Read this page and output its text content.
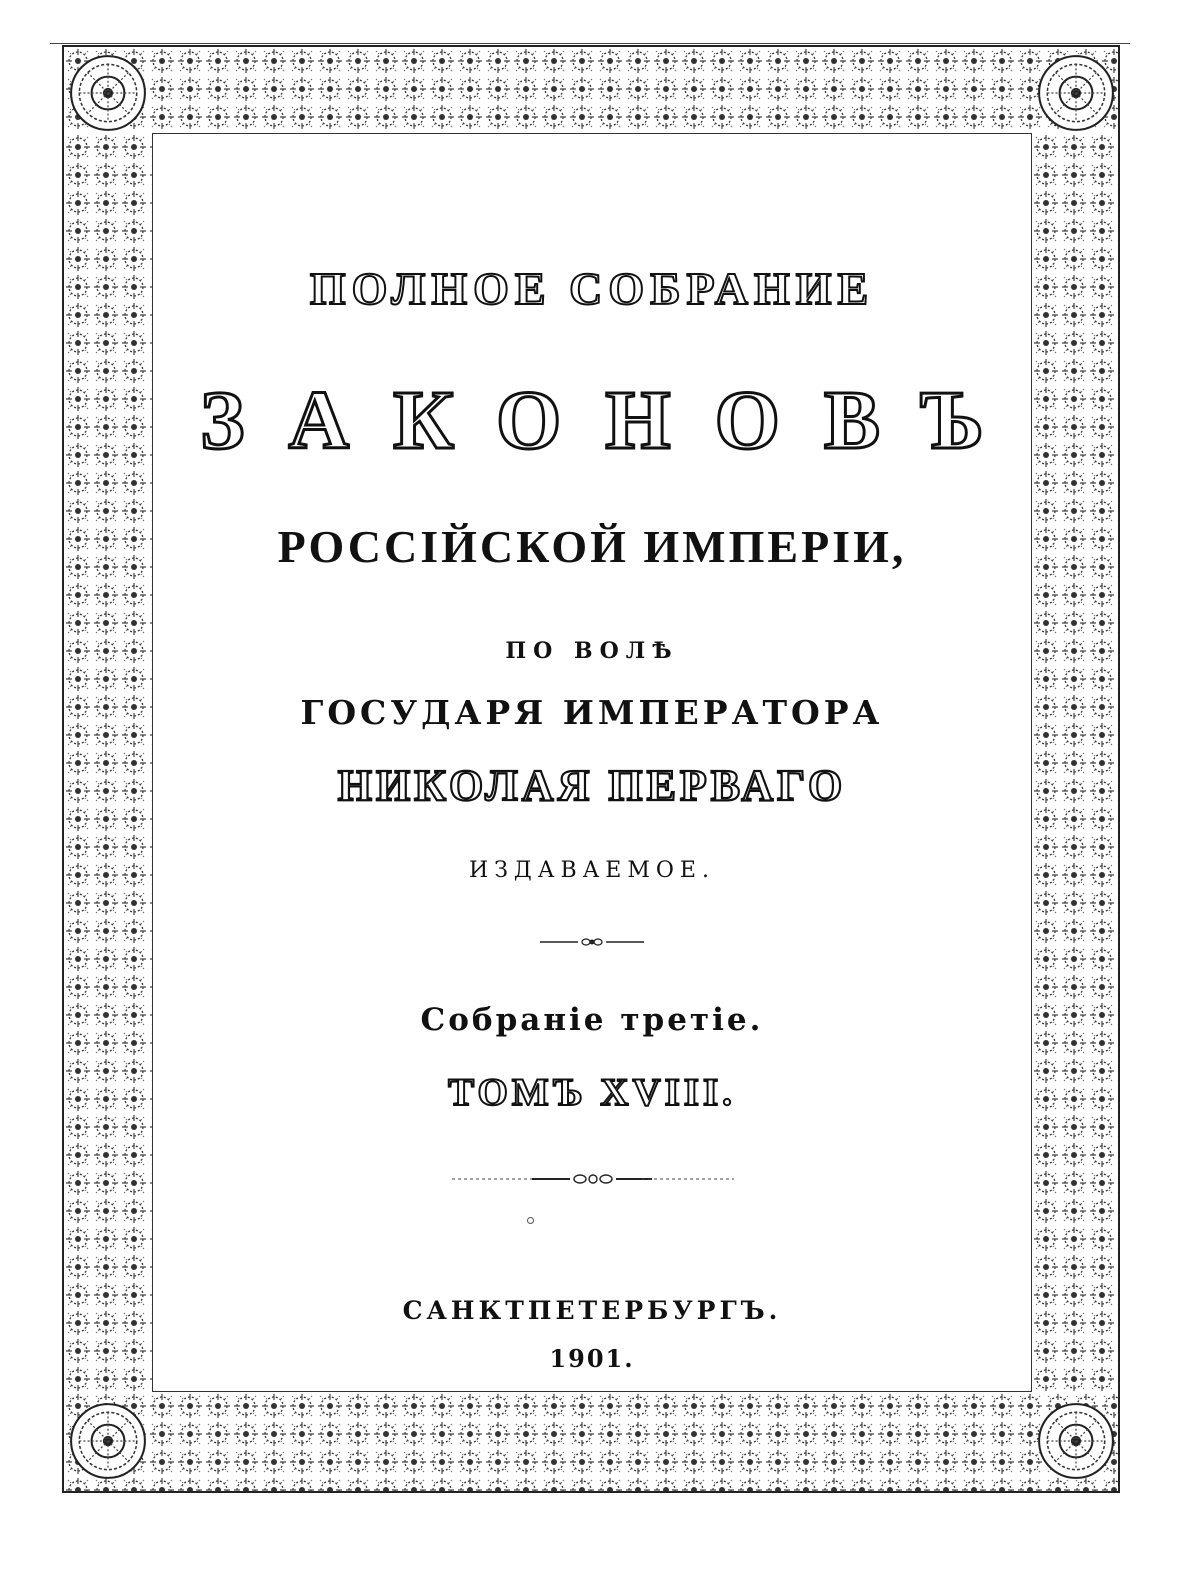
ПОЛНОЕ СОБРАНИЕ
ЗАКОНОВЪ
РОССІЙСКОЙ ИМПЕРІИ,
ПО ВОЛѢ
ГОСУДАРЯ ИМПЕРАТОРА
НИКОЛАЯ ПЕРВАГО
ИЗДАВАЕМОЕ.
Собраніе третіе.
ТОМЪ XVIII.
САНКТПЕТЕРБУРГЪ.
1901.
